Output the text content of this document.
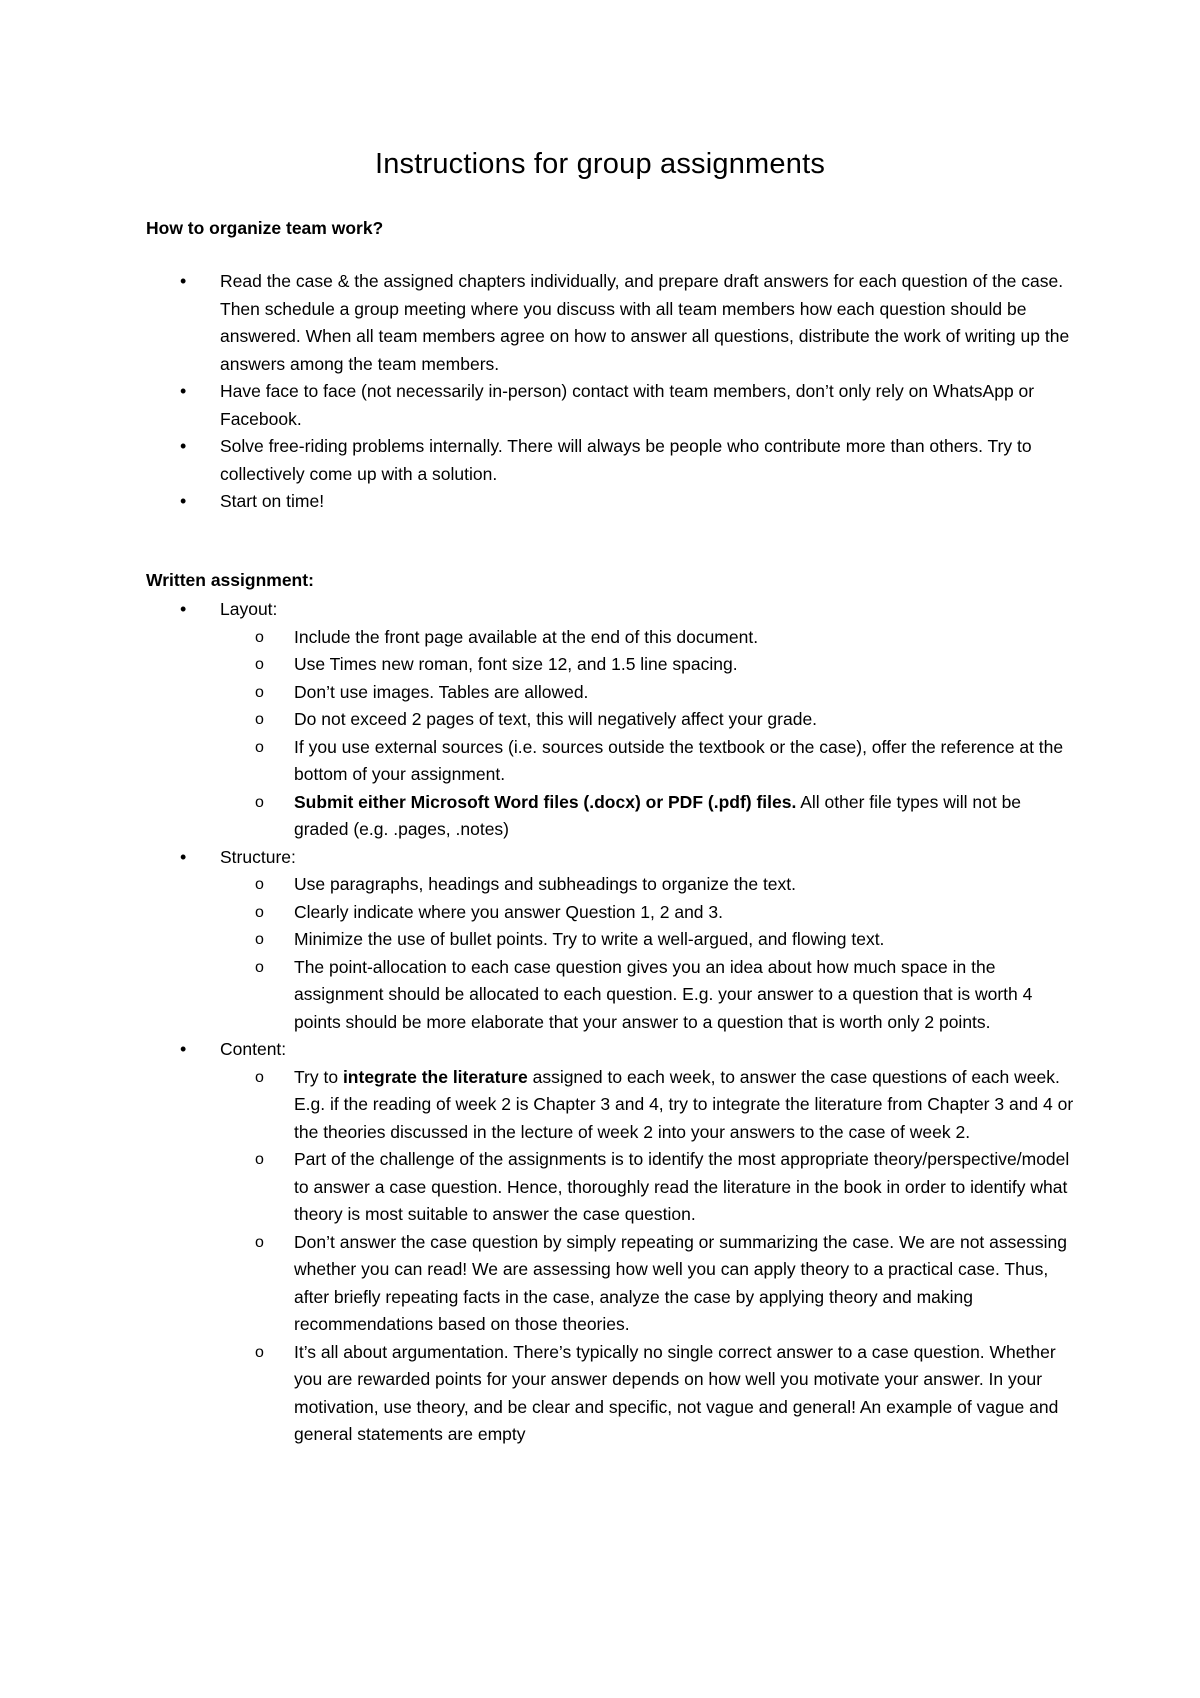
Instructions for group assignments
How to organize team work?
• Read the case & the assigned chapters individually, and prepare draft answers for each question of the case. Then schedule a group meeting where you discuss with all team members how each question should be answered. When all team members agree on how to answer all questions, distribute the work of writing up the answers among the team members.
• Have face to face (not necessarily in-person) contact with team members, don’t only rely on WhatsApp or Facebook.
• Solve free-riding problems internally. There will always be people who contribute more than others. Try to collectively come up with a solution.
• Start on time!
Written assignment:
• Layout:
o Include the front page available at the end of this document.
o Use Times new roman, font size 12, and 1.5 line spacing.
o Don’t use images. Tables are allowed.
o Do not exceed 2 pages of text, this will negatively affect your grade.
o If you use external sources (i.e. sources outside the textbook or the case), offer the reference at the bottom of your assignment.
o Submit either Microsoft Word files (.docx) or PDF (.pdf) files. All other file types will not be graded (e.g. .pages, .notes)
• Structure:
o Use paragraphs, headings and subheadings to organize the text.
o Clearly indicate where you answer Question 1, 2 and 3.
o Minimize the use of bullet points. Try to write a well-argued, and flowing text.
o The point-allocation to each case question gives you an idea about how much space in the assignment should be allocated to each question. E.g. your answer to a question that is worth 4 points should be more elaborate that your answer to a question that is worth only 2 points.
• Content:
o Try to integrate the literature assigned to each week, to answer the case questions of each week. E.g. if the reading of week 2 is Chapter 3 and 4, try to integrate the literature from Chapter 3 and 4 or the theories discussed in the lecture of week 2 into your answers to the case of week 2.
o Part of the challenge of the assignments is to identify the most appropriate theory/perspective/model to answer a case question. Hence, thoroughly read the literature in the book in order to identify what theory is most suitable to answer the case question.
o Don’t answer the case question by simply repeating or summarizing the case. We are not assessing whether you can read! We are assessing how well you can apply theory to a practical case. Thus, after briefly repeating facts in the case, analyze the case by applying theory and making recommendations based on those theories.
o It’s all about argumentation. There’s typically no single correct answer to a case question. Whether you are rewarded points for your answer depends on how well you motivate your answer. In your motivation, use theory, and be clear and specific, not vague and general! An example of vague and general statements are empty
